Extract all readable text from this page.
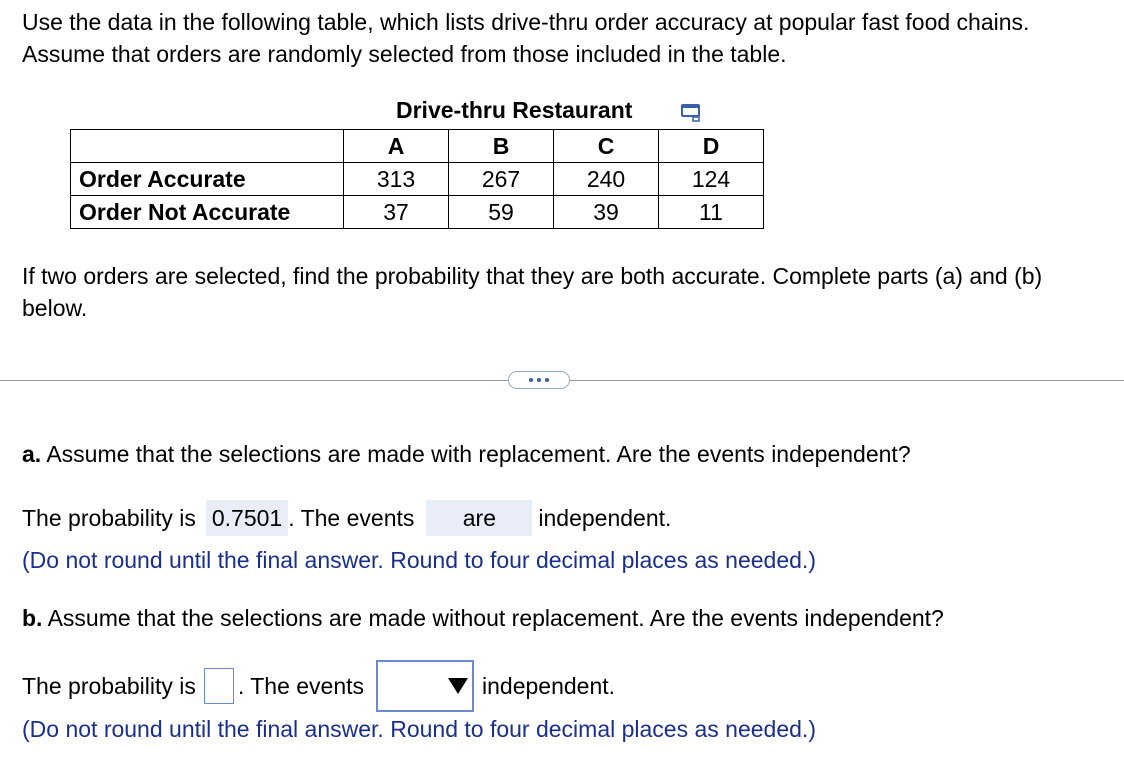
Use the data in the following table, which lists drive-thru order accuracy at popular fast food chains. Assume that orders are randomly selected from those included in the table.
Drive-thru Restaurant
	A	B	C	D
Order Accurate	313	267	240	124
Order Not Accurate	37	59	39	11
If two orders are selected, find the probability that they are both accurate. Complete parts (a) and (b) below.
a. Assume that the selections are made with replacement. Are the events independent?
The probability is 0.7501 . The events	are	independent.
(Do not round until the final answer. Round to four decimal places as needed.)
b. Assume that the selections are made without replacement. Are the events independent?
The probability is . The events	independent.
(Do not round until the final answer. Round to four decimal places as needed.)
